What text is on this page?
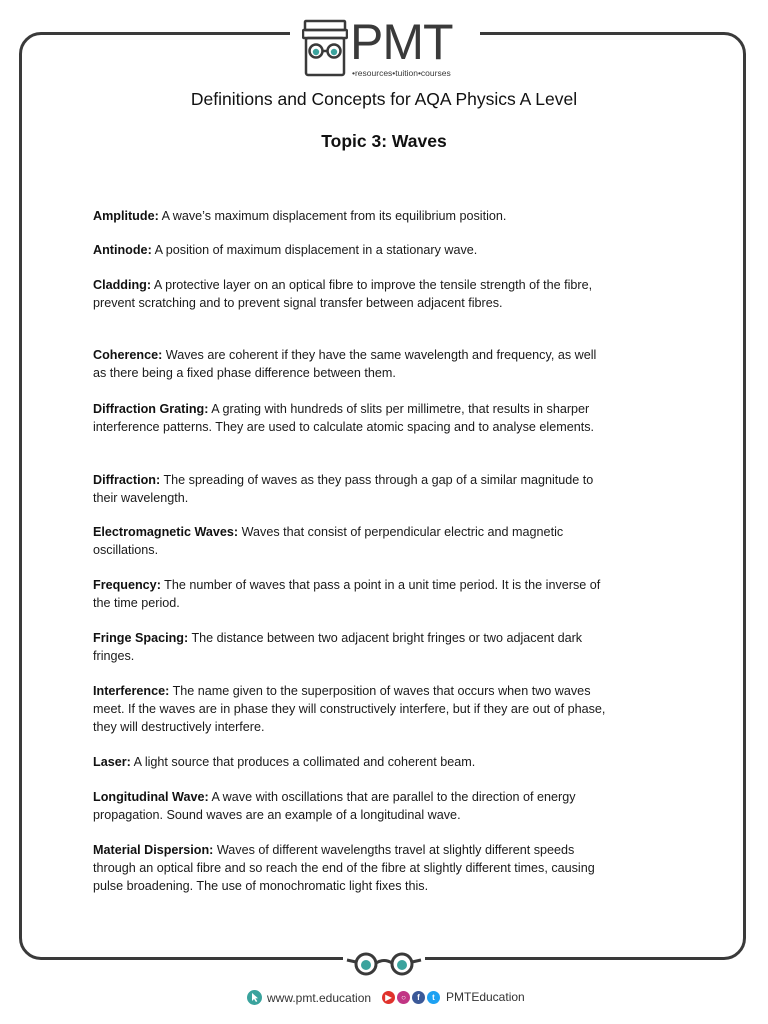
PMT
•resources•tuition•courses
Definitions and Concepts for AQA Physics A Level
Topic 3: Waves
Amplitude: A wave’s maximum displacement from its equilibrium position.
Antinode: A position of maximum displacement in a stationary wave.
Cladding: A protective layer on an optical fibre to improve the tensile strength of the fibre, prevent scratching and to prevent signal transfer between adjacent fibres.
Coherence: Waves are coherent if they have the same wavelength and frequency, as well as there being a fixed phase difference between them.
Diffraction Grating: A grating with hundreds of slits per millimetre, that results in sharper interference patterns. They are used to calculate atomic spacing and to analyse elements.
Diffraction: The spreading of waves as they pass through a gap of a similar magnitude to their wavelength.
Electromagnetic Waves: Waves that consist of perpendicular electric and magnetic oscillations.
Frequency: The number of waves that pass a point in a unit time period. It is the inverse of the time period.
Fringe Spacing: The distance between two adjacent bright fringes or two adjacent dark fringes.
Interference: The name given to the superposition of waves that occurs when two waves meet. If the waves are in phase they will constructively interfere, but if they are out of phase, they will destructively interfere.
Laser: A light source that produces a collimated and coherent beam.
Longitudinal Wave: A wave with oscillations that are parallel to the direction of energy propagation. Sound waves are an example of a longitudinal wave.
Material Dispersion: Waves of different wavelengths travel at slightly different speeds through an optical fibre and so reach the end of the fibre at slightly different times, causing pulse broadening. The use of monochromatic light fixes this.
www.pmt.education	▶	○	f	t PMTEducation
